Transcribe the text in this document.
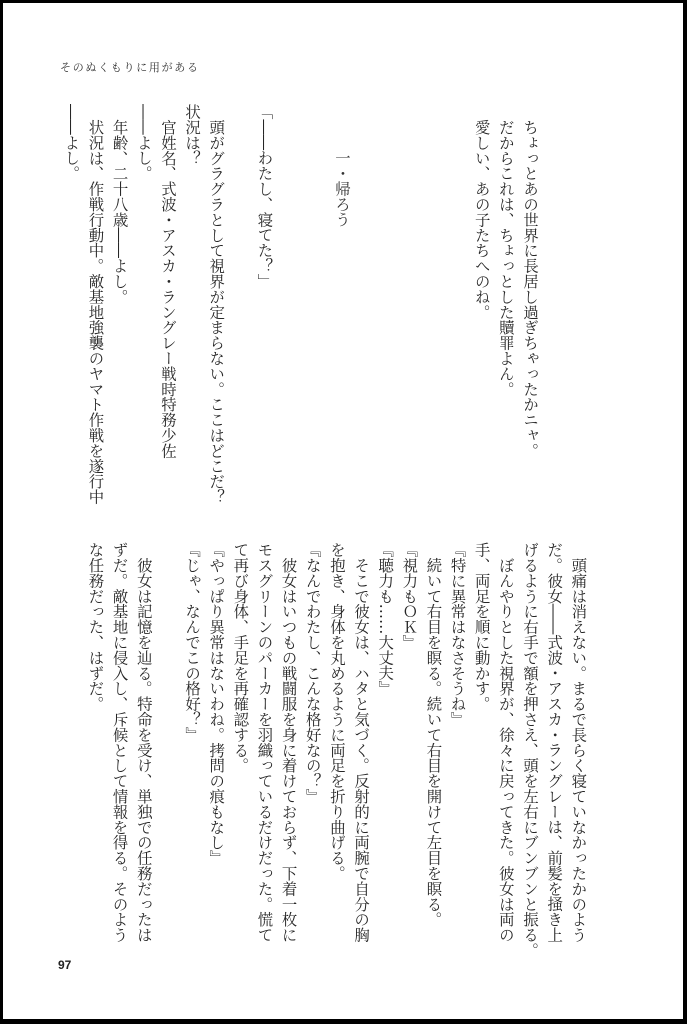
そのぬくもりに用がある
　ちょっとあの世界に長居し過ぎちゃったかニャ。
　だからこれは、ちょっとした贖罪よん。
　愛しい、あの子たちへのね。
一・帰ろう
「――わたし、寝てた？」
　頭がグラグラとして視界が定まらない。ここはどこだ？
状況は？
　官姓名、式波・アスカ・ラングレー戦時特務少佐
――よし。
　年齢、二十八歳――よし。
　状況は、作戦行動中。敵基地強襲のヤマト作戦を遂行中
――よし。
　頭痛は消えない。まるで長らく寝ていなかったかのよう
だ。彼女――式波・アスカ・ラングレーは、前髪を掻き上
げるように右手で額を押さえ、頭を左右にブンブンと振る。
　ぼんやりとした視界が、徐々に戻ってきた。彼女は両の
手、両足を順に動かす。
『特に異常はなさそうね』
　続いて右目を瞑る。続いて右目を開けて左目を瞑る。
『視力もＯＫ』
『聴力も……大丈夫』
　そこで彼女は、ハタと気づく。反射的に両腕で自分の胸
を抱き、身体を丸めるように両足を折り曲げる。
『なんでわたし、こんな格好なの？』
　彼女はいつもの戦闘服を身に着けておらず、下着一枚に
モスグリーンのパーカーを羽織っているだけだった。慌て
て再び身体、手足を再確認する。
『やっぱり異常はないわね。拷問の痕もなし』
『じゃ、なんでこの格好？』
　彼女は記憶を辿る。特命を受け、単独での任務だったは
ずだ。敵基地に侵入し、斥候として情報を得る。そのよう
な任務だった、はずだ。
97
